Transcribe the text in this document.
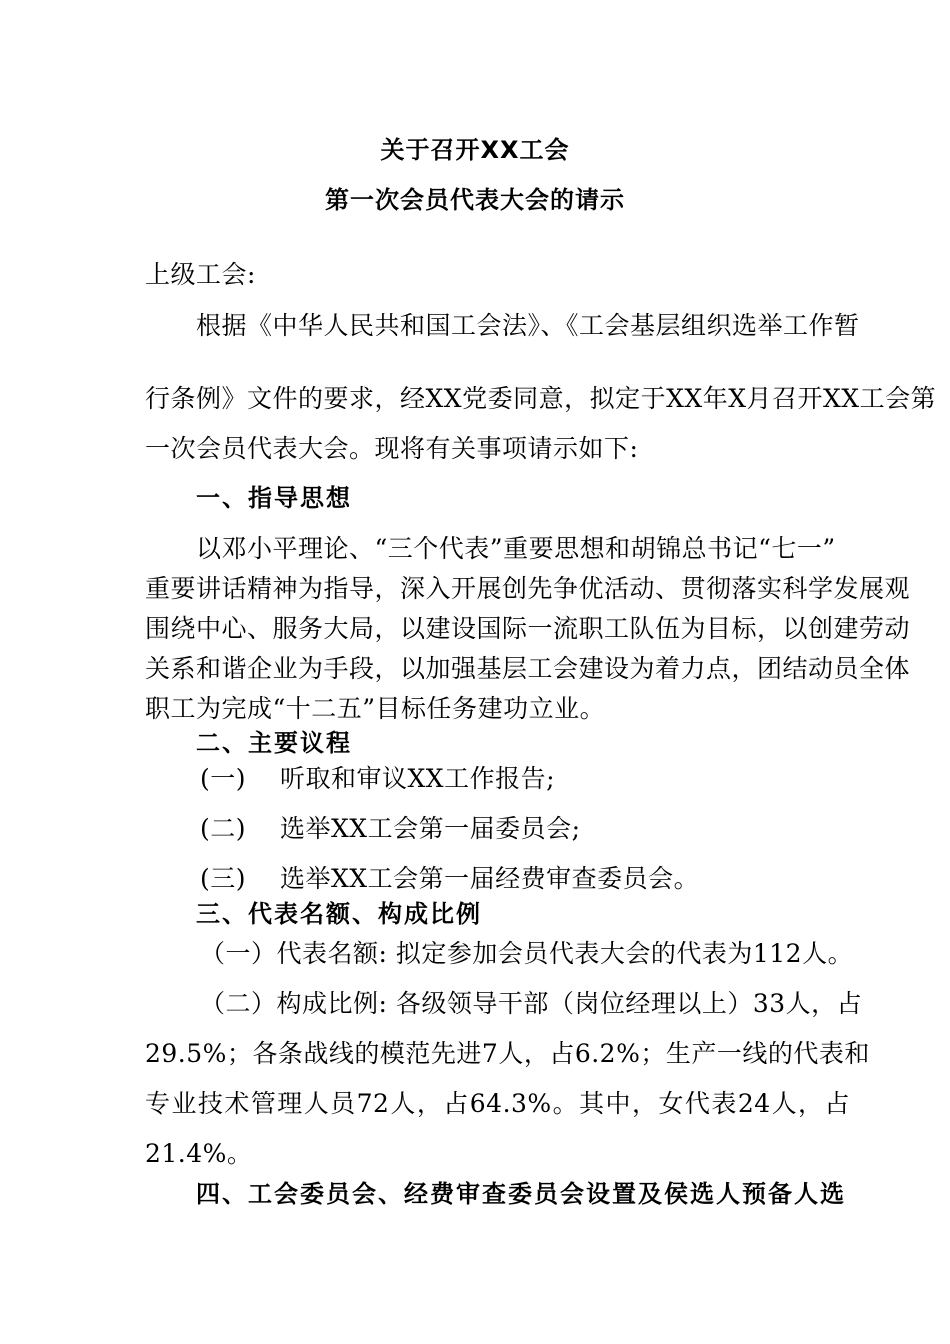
关于召开XX工会
第一次会员代表大会的请示
上级工会:
根据《中华人民共和国工会法》、《工会基层组织选举工作暂
行条例》文件的要求，经XX党委同意，拟定于XX年X月召开XX工会第
一次会员代表大会。现将有关事项请示如下:
一、指导思想
以邓小平理论、“三个代表”重要思想和胡锦总书记“七一”
重要讲话精神为指导，深入开展创先争优活动、贯彻落实科学发展观
围绕中心、服务大局，以建设国际一流职工队伍为目标，以创建劳动
关系和谐企业为手段，以加强基层工会建设为着力点，团结动员全体
职工为完成“十二五”目标任务建功立业。
二、主要议程
(一) 听取和审议XX工作报告;
(二) 选举XX工会第一届委员会;
(三) 选举XX工会第一届经费审查委员会。
三、代表名额、构成比例
（一）代表名额: 拟定参加会员代表大会的代表为112人。
（二）构成比例: 各级领导干部（岗位经理以上）33人，占
29.5%；各条战线的模范先进7人，占6.2%；生产一线的代表和
专业技术管理人员72人，占64.3%。其中，女代表24人，占
21.4%。
四、工会委员会、经费审查委员会设置及侯选人预备人选
